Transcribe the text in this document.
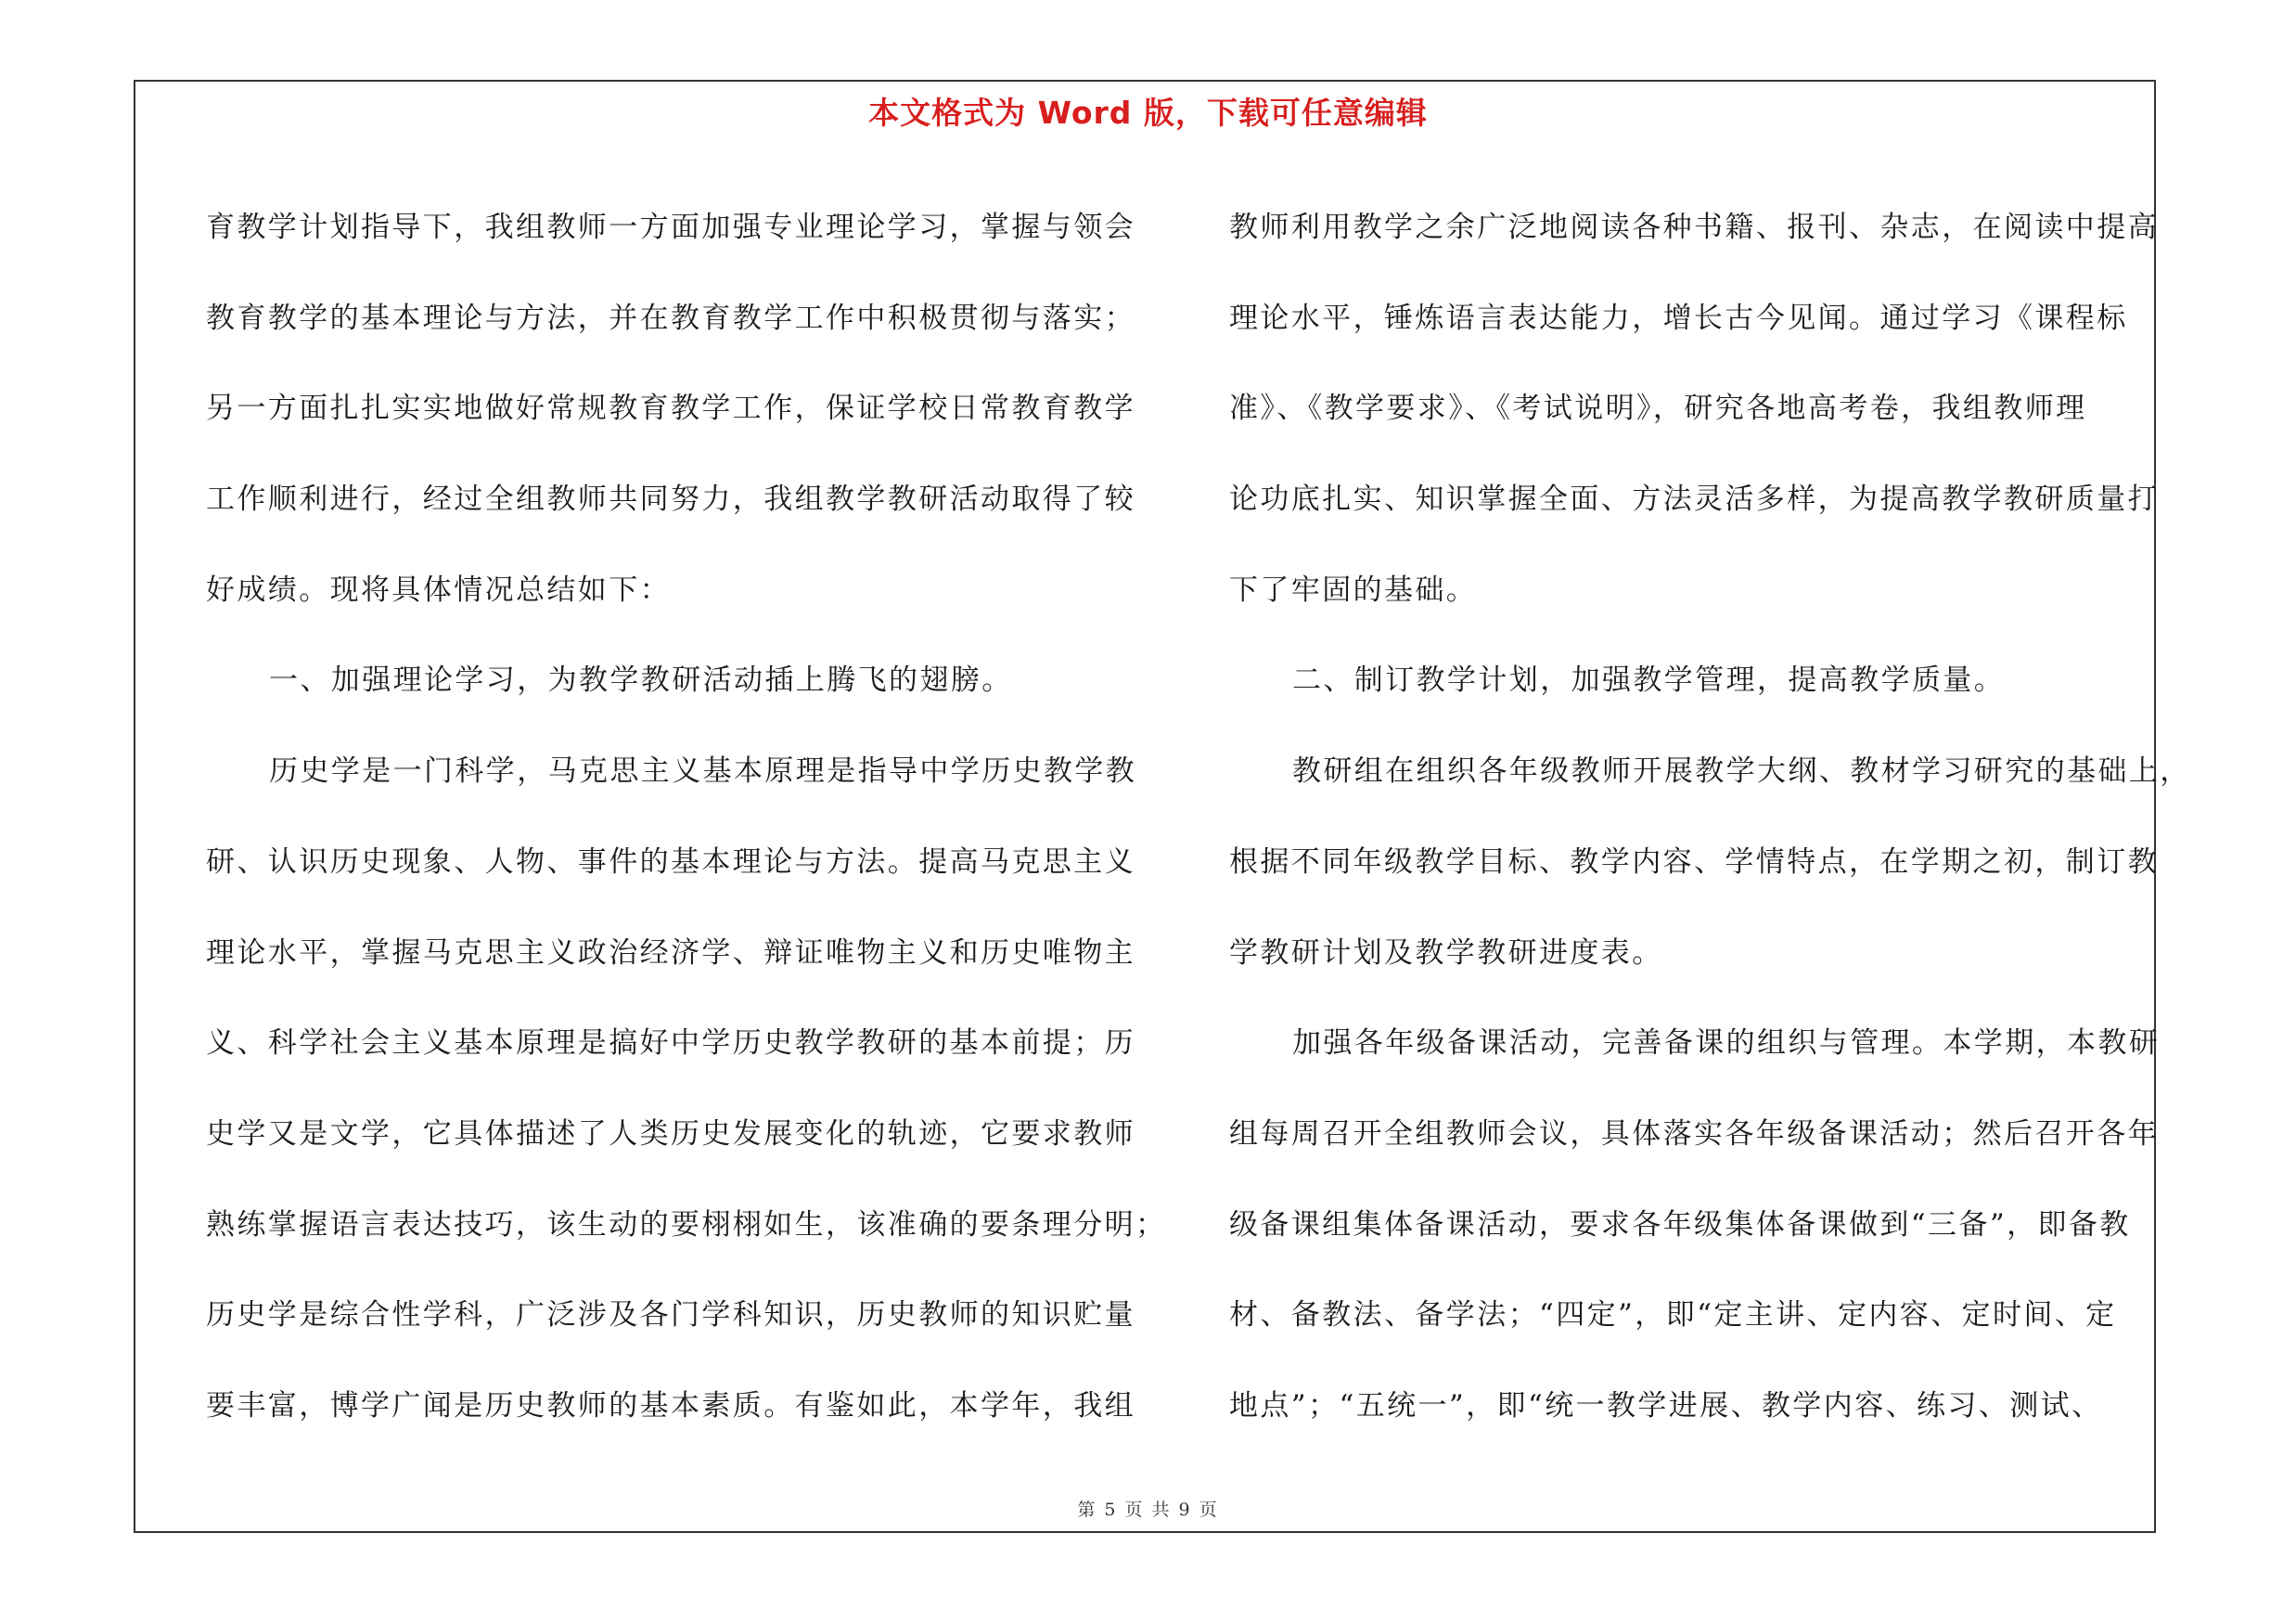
本文格式为 Word 版，下载可任意编辑
育教学计划指导下，我组教师一方面加强专业理论学习，掌握与领会
教育教学的基本理论与方法，并在教育教学工作中积极贯彻与落实；
另一方面扎扎实实地做好常规教育教学工作，保证学校日常教育教学
工作顺利进行，经过全组教师共同努力，我组教学教研活动取得了较
好成绩。现将具体情况总结如下：
一、加强理论学习，为教学教研活动插上腾飞的翅膀。
历史学是一门科学，马克思主义基本原理是指导中学历史教学教
研、认识历史现象、人物、事件的基本理论与方法。提高马克思主义
理论水平，掌握马克思主义政治经济学、辩证唯物主义和历史唯物主
义、科学社会主义基本原理是搞好中学历史教学教研的基本前提；历
史学又是文学，它具体描述了人类历史发展变化的轨迹，它要求教师
熟练掌握语言表达技巧，该生动的要栩栩如生，该准确的要条理分明；
历史学是综合性学科，广泛涉及各门学科知识，历史教师的知识贮量
要丰富，博学广闻是历史教师的基本素质。有鉴如此，本学年，我组
教师利用教学之余广泛地阅读各种书籍、报刊、杂志，在阅读中提高
理论水平，锤炼语言表达能力，增长古今见闻。通过学习《课程标
准》、《教学要求》、《考试说明》，研究各地高考卷，我组教师理
论功底扎实、知识掌握全面、方法灵活多样，为提高教学教研质量打
下了牢固的基础。
二、制订教学计划，加强教学管理，提高教学质量。
教研组在组织各年级教师开展教学大纲、教材学习研究的基础上，
根据不同年级教学目标、教学内容、学情特点，在学期之初，制订教
学教研计划及教学教研进度表。
加强各年级备课活动，完善备课的组织与管理。本学期，本教研
组每周召开全组教师会议，具体落实各年级备课活动；然后召开各年
级备课组集体备课活动，要求各年级集体备课做到“三备”，即备教
材、备教法、备学法；“四定”，即“定主讲、定内容、定时间、定
地点”；“五统一”，即“统一教学进展、教学内容、练习、测试、
第 5 页 共 9 页
